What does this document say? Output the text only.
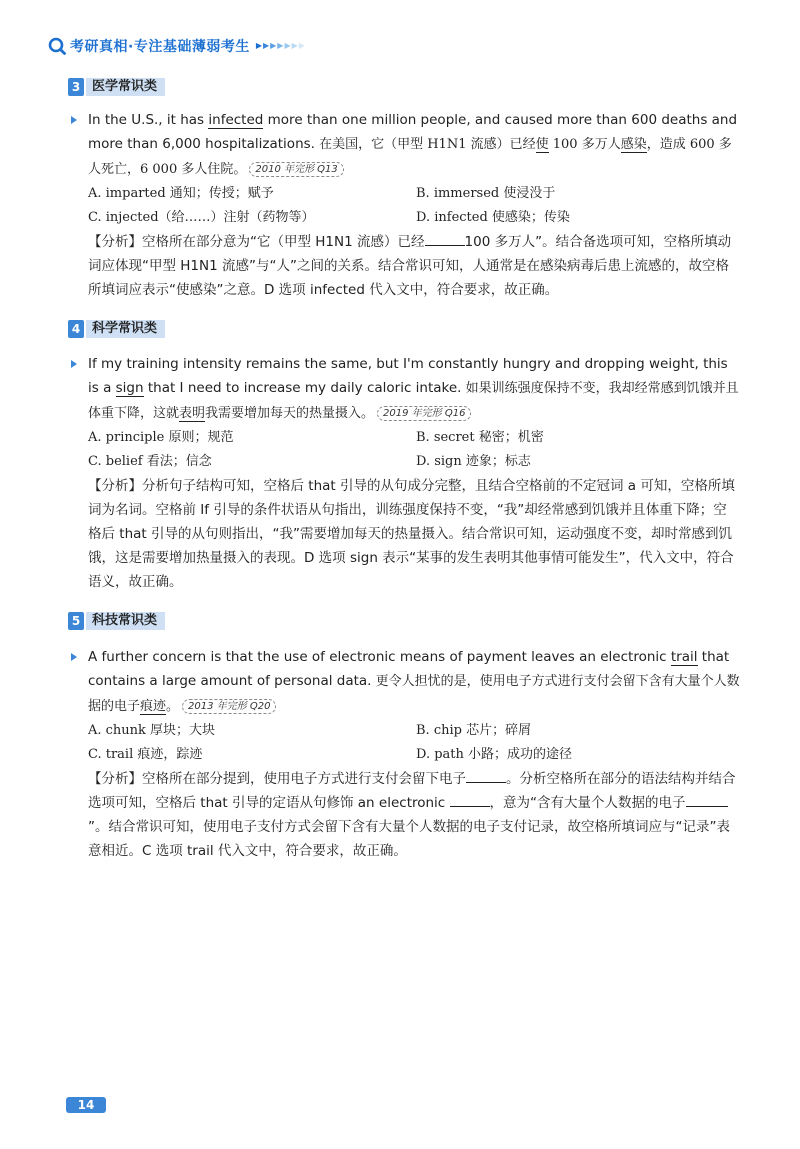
考研真相·专注基础薄弱考生 ▶ ▶ ▶ ▶ ▶ ▶ ▶
3 医学常识类
In the U.S., it has infected more than one million people, and caused more than 600 deaths and more than 6,000 hospitalizations. 在美国，它（甲型 H1N1 流感）已经使 100 多万人感染，造成 600 多人死亡，6 000 多人住院。 2010 年完形 Q13
A. imparted 通知；传授；赋予	B. immersed 使浸没于
C. injected（给……）注射（药物等）	D. infected 使感染；传染
【分析】空格所在部分意为“它（甲型 H1N1 流感）已经	100 多万人”。结合备选项可知，空格所填动词应体现“甲型 H1N1 流感”与“人”之间的关系。结合常识可知，人通常是在感染病毒后患上流感的，故空格所填词应表示“使感染”之意。D 选项 infected 代入文中，符合要求，故正确。
4 科学常识类
If my training intensity remains the same, but I'm constantly hungry and dropping weight, this is a sign that I need to increase my daily caloric intake. 如果训练强度保持不变，我却经常感到饥饿并且体重下降，这就表明我需要增加每天的热量摄入。 2019 年完形 Q16
A. principle 原则；规范	B. secret 秘密；机密
C. belief 看法；信念	D. sign 迹象；标志
【分析】分析句子结构可知，空格后 that 引导的从句成分完整，且结合空格前的不定冠词 a 可知，空格所填词为名词。空格前 If 引导的条件状语从句指出，训练强度保持不变，“我”却经常感到饥饿并且体重下降；空格后 that 引导的从句则指出，“我”需要增加每天的热量摄入。结合常识可知，运动强度不变，却时常感到饥饿，这是需要增加热量摄入的表现。D 选项 sign 表示“某事的发生表明其他事情可能发生”，代入文中，符合语义，故正确。
5 科技常识类
A further concern is that the use of electronic means of payment leaves an electronic trail that contains a large amount of personal data. 更令人担忧的是，使用电子方式进行支付会留下含有大量个人数据的电子痕迹。 2013 年完形 Q20
A. chunk 厚块；大块	B. chip 芯片；碎屑
C. trail 痕迹，踪迹	D. path 小路；成功的途径
【分析】空格所在部分提到，使用电子方式进行支付会留下电子	。分析空格所在部分的语法结构并结合选项可知，空格后 that 引导的定语从句修饰 an electronic	，意为“含有大量个人数据的电子”。结合常识可知，使用电子支付方式会留下含有大量个人数据的电子支付记录，故空格所填词应与“记录”表意相近。C 选项 trail 代入文中，符合要求，故正确。
14
